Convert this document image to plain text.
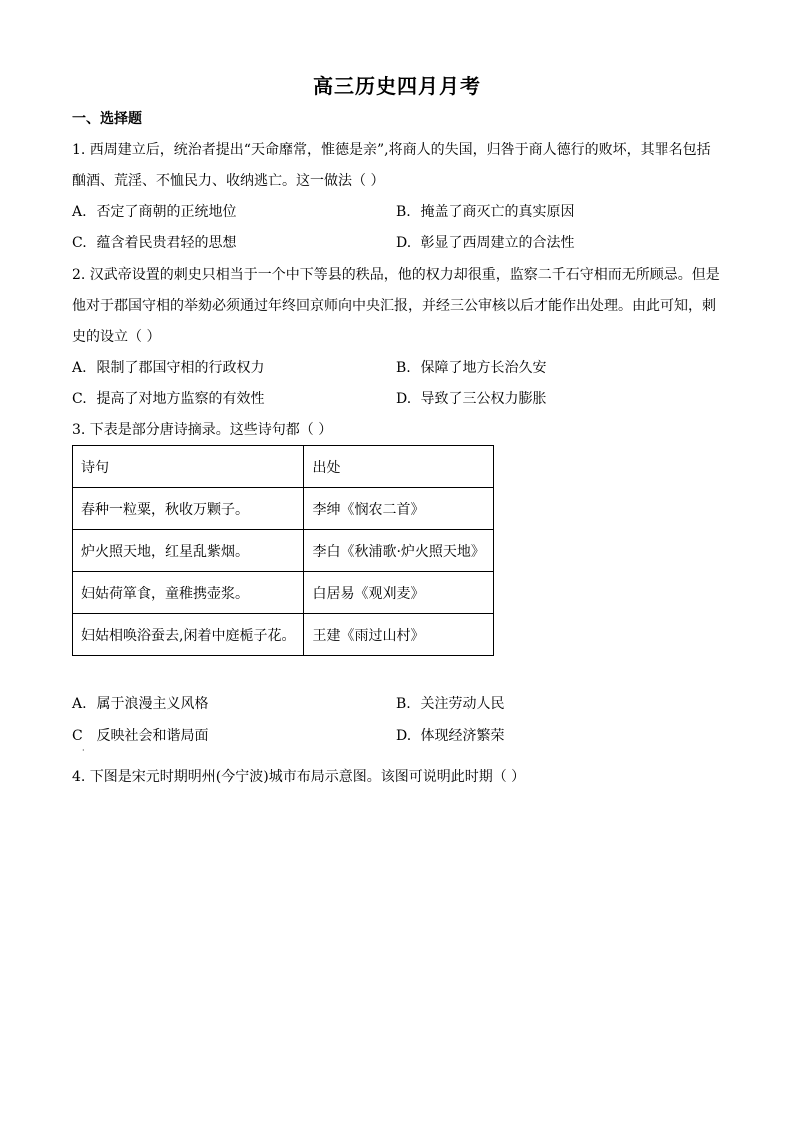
高三历史四月月考
一、选择题
1. 西周建立后，统治者提出“天命靡常，惟德是亲”,将商人的失国，归咎于商人德行的败坏，其罪名包括
酗酒、荒淫、不恤民力、收纳逃亡。这一做法（ ）
A. 否定了商朝的正统地位	B. 掩盖了商灭亡的真实原因
C. 蕴含着民贵君轻的思想	D. 彰显了西周建立的合法性
2. 汉武帝设置的刺史只相当于一个中下等县的秩品，他的权力却很重，监察二千石守相而无所顾忌。但是
他对于郡国守相的举劾必须通过年终回京师向中央汇报，并经三公审核以后才能作出处理。由此可知，刺
史的设立（ ）
A. 限制了郡国守相的行政权力	B. 保障了地方长治久安
C. 提高了对地方监察的有效性	D. 导致了三公权力膨胀
3. 下表是部分唐诗摘录。这些诗句都（ ）
诗句	出处
春种一粒粟，秋收万颗子。	李绅《悯农二首》
炉火照天地，红星乱紫烟。	李白《秋浦歌·炉火照天地》
妇姑荷箪食，童稚携壶浆。	白居易《观刈麦》
妇姑相唤浴蚕去,闲着中庭栀子花。	王建《雨过山村》
A. 属于浪漫主义风格	B. 关注劳动人民
C 反映社会和谐局面	D. 体现经济繁荣
·
4. 下图是宋元时期明州(今宁波)城市布局示意图。该图可说明此时期（ ）
